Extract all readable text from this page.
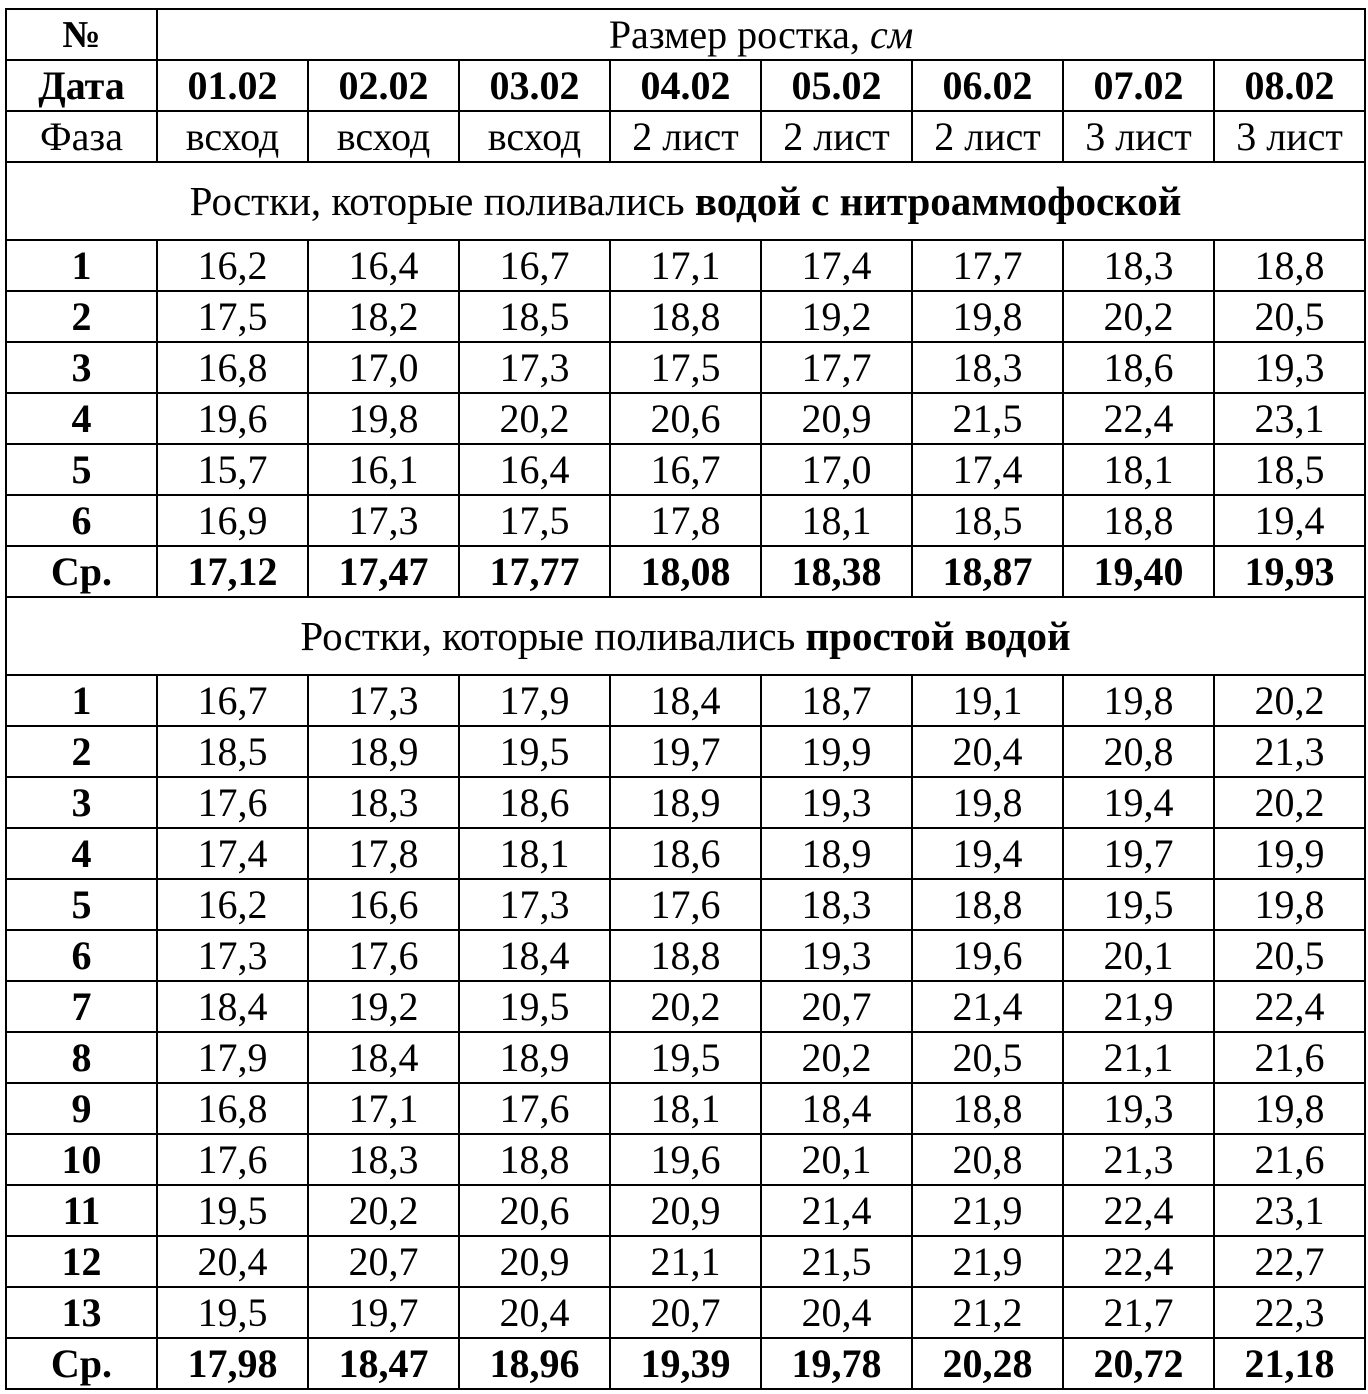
№	Размер ростка, см							
Дата	01.02	02.02	03.02	04.02	05.02	06.02	07.02	08.02
Фаза	всход	всход	всход	2 лист	2 лист	2 лист	3 лист	3 лист
Ростки, которые поливались водой с нитроаммофоской								
1	16,2	16,4	16,7	17,1	17,4	17,7	18,3	18,8
2	17,5	18,2	18,5	18,8	19,2	19,8	20,2	20,5
3	16,8	17,0	17,3	17,5	17,7	18,3	18,6	19,3
4	19,6	19,8	20,2	20,6	20,9	21,5	22,4	23,1
5	15,7	16,1	16,4	16,7	17,0	17,4	18,1	18,5
6	16,9	17,3	17,5	17,8	18,1	18,5	18,8	19,4
Ср.	17,12	17,47	17,77	18,08	18,38	18,87	19,40	19,93
Ростки, которые поливались простой водой								
1	16,7	17,3	17,9	18,4	18,7	19,1	19,8	20,2
2	18,5	18,9	19,5	19,7	19,9	20,4	20,8	21,3
3	17,6	18,3	18,6	18,9	19,3	19,8	19,4	20,2
4	17,4	17,8	18,1	18,6	18,9	19,4	19,7	19,9
5	16,2	16,6	17,3	17,6	18,3	18,8	19,5	19,8
6	17,3	17,6	18,4	18,8	19,3	19,6	20,1	20,5
7	18,4	19,2	19,5	20,2	20,7	21,4	21,9	22,4
8	17,9	18,4	18,9	19,5	20,2	20,5	21,1	21,6
9	16,8	17,1	17,6	18,1	18,4	18,8	19,3	19,8
10	17,6	18,3	18,8	19,6	20,1	20,8	21,3	21,6
11	19,5	20,2	20,6	20,9	21,4	21,9	22,4	23,1
12	20,4	20,7	20,9	21,1	21,5	21,9	22,4	22,7
13	19,5	19,7	20,4	20,7	20,4	21,2	21,7	22,3
Ср.	17,98	18,47	18,96	19,39	19,78	20,28	20,72	21,18
